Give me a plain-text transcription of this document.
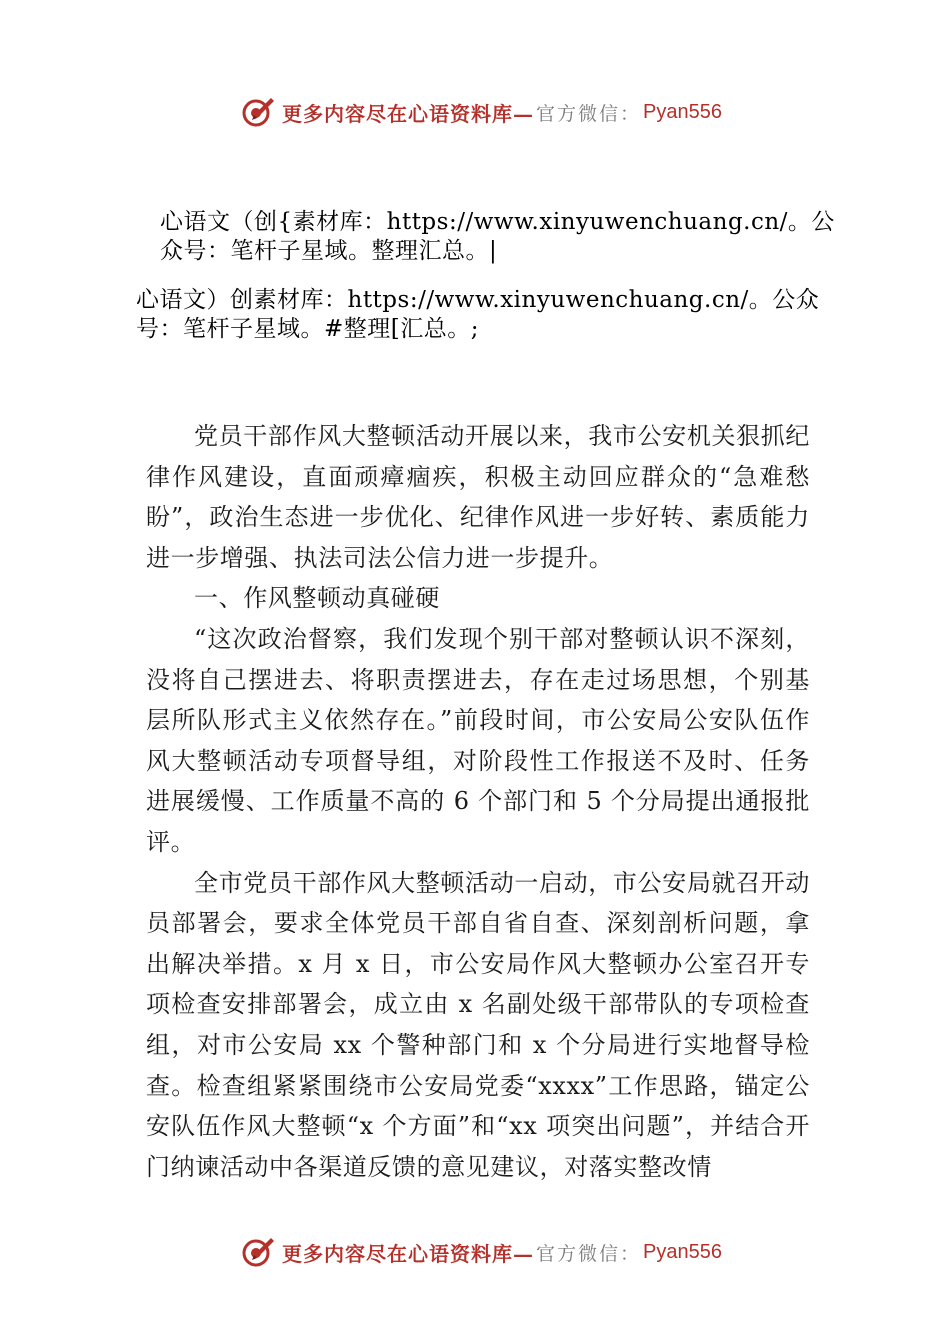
更多内容尽在心语资料库— 官方微信： Pyan556
心语文（创{素材库：https://www.xinyuwenchuang.cn/。公众号：笔杆子星域。整理汇总。|
心语文）创素材库：https://www.xinyuwenchuang.cn/。公众号：笔杆子星域。#整理[汇总。;

党员干部作风大整顿活动开展以来，我市公安机关狠抓纪律作风建设，直面顽瘴痼疾，积极主动回应群众的“急难愁盼”，政治生态进一步优化、纪律作风进一步好转、素质能力进一步增强、执法司法公信力进一步提升。

一、作风整顿动真碰硬

“这次政治督察，我们发现个别干部对整顿认识不深刻，没将自己摆进去、将职责摆进去，存在走过场思想，个别基层所队形式主义依然存在。”前段时间，市公安局公安队伍作 风大整顿活动专项督导组，对阶段性工作报送不及时、任务 进展缓慢、工作质量不高的 6 个部门和 5 个分局提出通报批评。

全市党员干部作风大整顿活动一启动，市公安局就召开动员部署会，要求全体党员干部自省自查、深刻剖析问题，拿出解决举措。x 月 x 日，市公安局作风大整顿办公室召开专项检查安排部署会，成立由 x 名副处级干部带队的专项检查组，对市公安局 xx 个警种部门和 x 个分局进行实地督导检查。检查组紧紧围绕市公安局党委“xxxx”工作思路，锚定公安队伍作风大整顿“x 个方面”和“xx 项突出问题”，并结合开门纳谏活动中各渠道反馈的意见建议，对落实整改情

更多内容尽在心语资料库— 官方微信： Pyan556
